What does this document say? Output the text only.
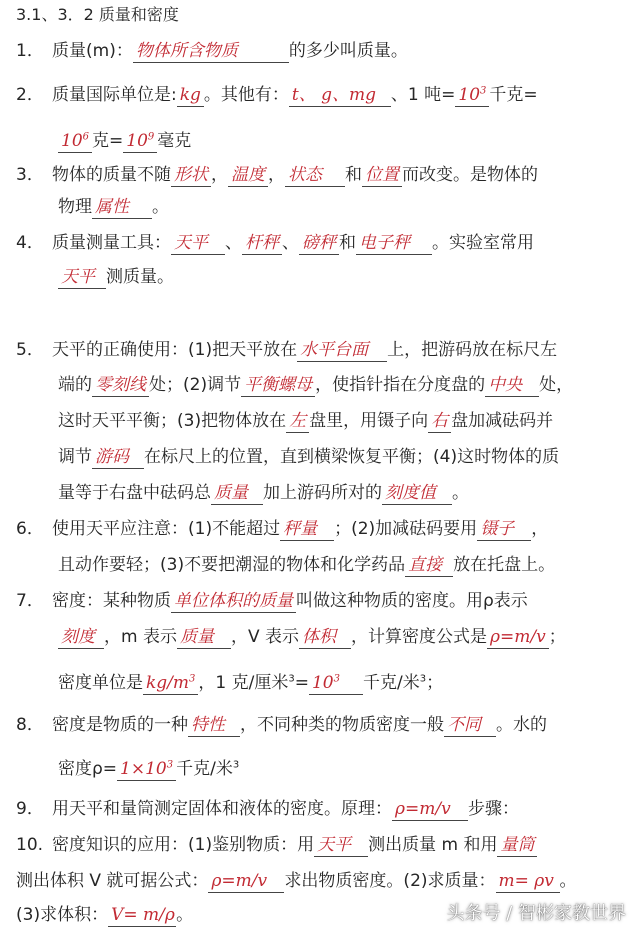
3.1、3．2 质量和密度
1． 质量(m)： 物体所含物质	的多少叫质量。
2． 质量国际单位是: kg 。其他有： t、 g、mg 、1 吨= $10^3$ 千克=
$10^6$ 克= $10^9$ 毫克
3． 物体的质量不随 形状 ， 温度 ， 状态 和 位置 而改变。是物体的
物理 属性 。
4． 质量测量工具： 天平 、 杆秤 、 磅秤 和 电子秤 。实验室常用
天平 测质量。
5． 天平的正确使用：(1)把天平放在 水平台面 上，把游码放在标尺左
端的 零刻线 处；(2)调节 平衡螺母 ，使指针指在分度盘的 中央 处，
这时天平平衡；(3)把物体放在 左 盘里，用镊子向 右 盘加减砝码并
调节 游码 在标尺上的位置，直到横梁恢复平衡；(4)这时物体的质
量等于右盘中砝码总 质量 加上游码所对的 刻度值 。
6． 使用天平应注意：(1)不能超过 秤量 ；(2)加减砝码要用 镊子 ，
且动作要轻；(3)不要把潮湿的物体和化学药品 直接 放在托盘上。
7． 密度：某种物质 单位体积的质量 叫做这种物质的密度。用ρ表示
刻度 ，m 表示 质量 ，V 表示 体积 ，计算密度公式是 ρ=m/v ；
密度单位是 $kg/m^3$ ，1 克/厘米$^3= 10^3$ 千克/米$^3$；
8． 密度是物质的一种 特性 ，不同种类的物质密度一般 不同 。水的
密度$\rho= 1\times 10^3$ 千克/米$^3$
9． 用天平和量筒测定固体和液体的密度。原理： ρ=m/v 步骤：
10. 密度知识的应用：(1)鉴别物质：用 天平 测出质量 m 和用 量筒
测出体积 V 就可据公式： ρ=m/v 求出物质密度。(2)求质量： m= ρv 。
(3)求体积： V= m/ρ。	头条号 / 智彬家教世界
